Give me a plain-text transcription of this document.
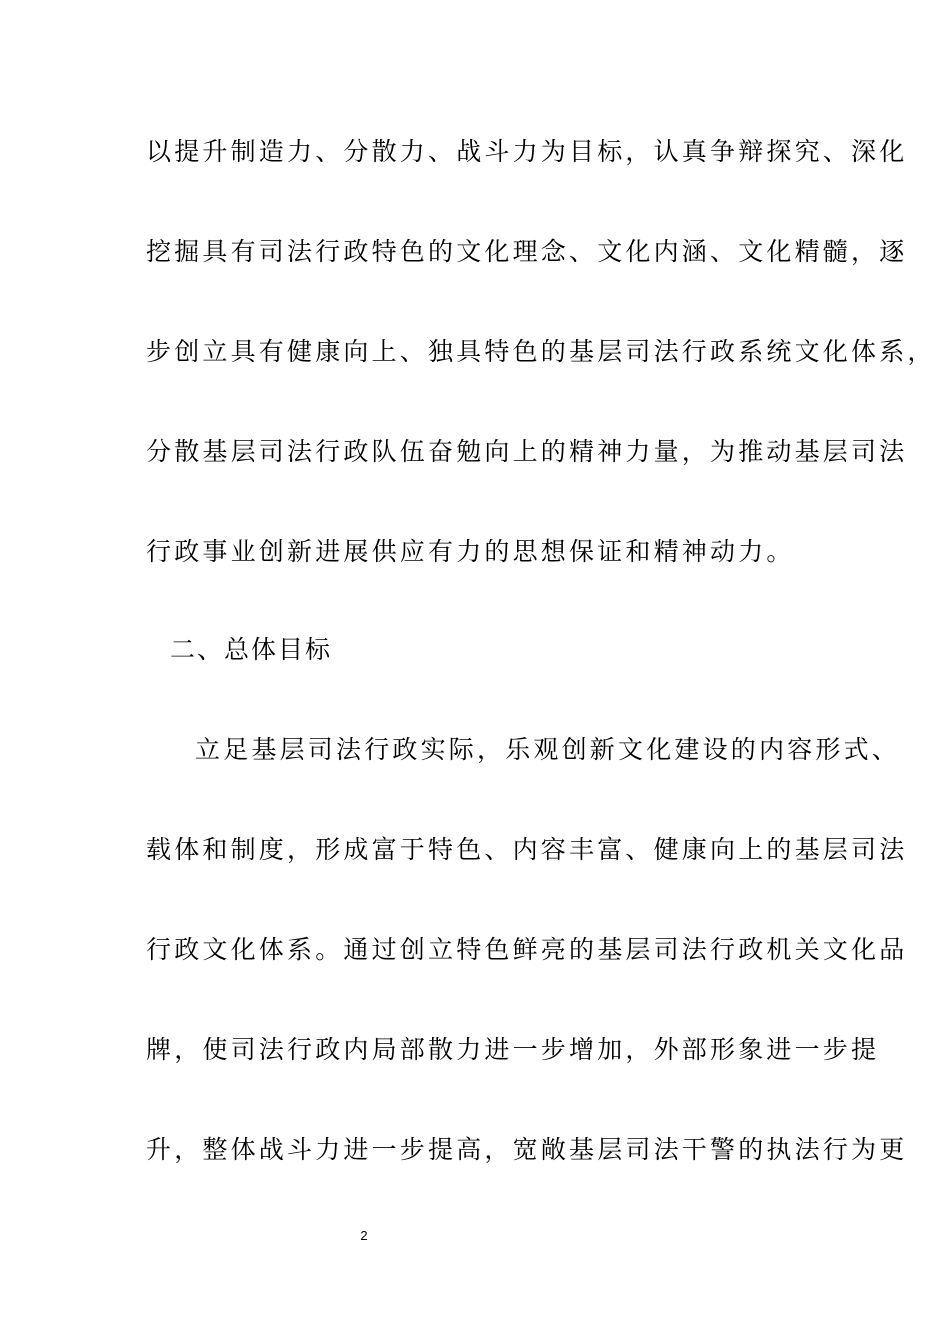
以提升制造力、分散力、战斗力为目标，认真争辩探究、深化
挖掘具有司法行政特色的文化理念、文化内涵、文化精髓，逐
步创立具有健康向上、独具特色的基层司法行政系统文化体系，
分散基层司法行政队伍奋勉向上的精神力量，为推动基层司法
行政事业创新进展供应有力的思想保证和精神动力。
二、总体目标
立足基层司法行政实际，乐观创新文化建设的内容形式、
载体和制度，形成富于特色、内容丰富、健康向上的基层司法
行政文化体系。通过创立特色鲜亮的基层司法行政机关文化品
牌，使司法行政内局部散力进一步增加，外部形象进一步提
升，整体战斗力进一步提高，宽敞基层司法干警的执法行为更
2
